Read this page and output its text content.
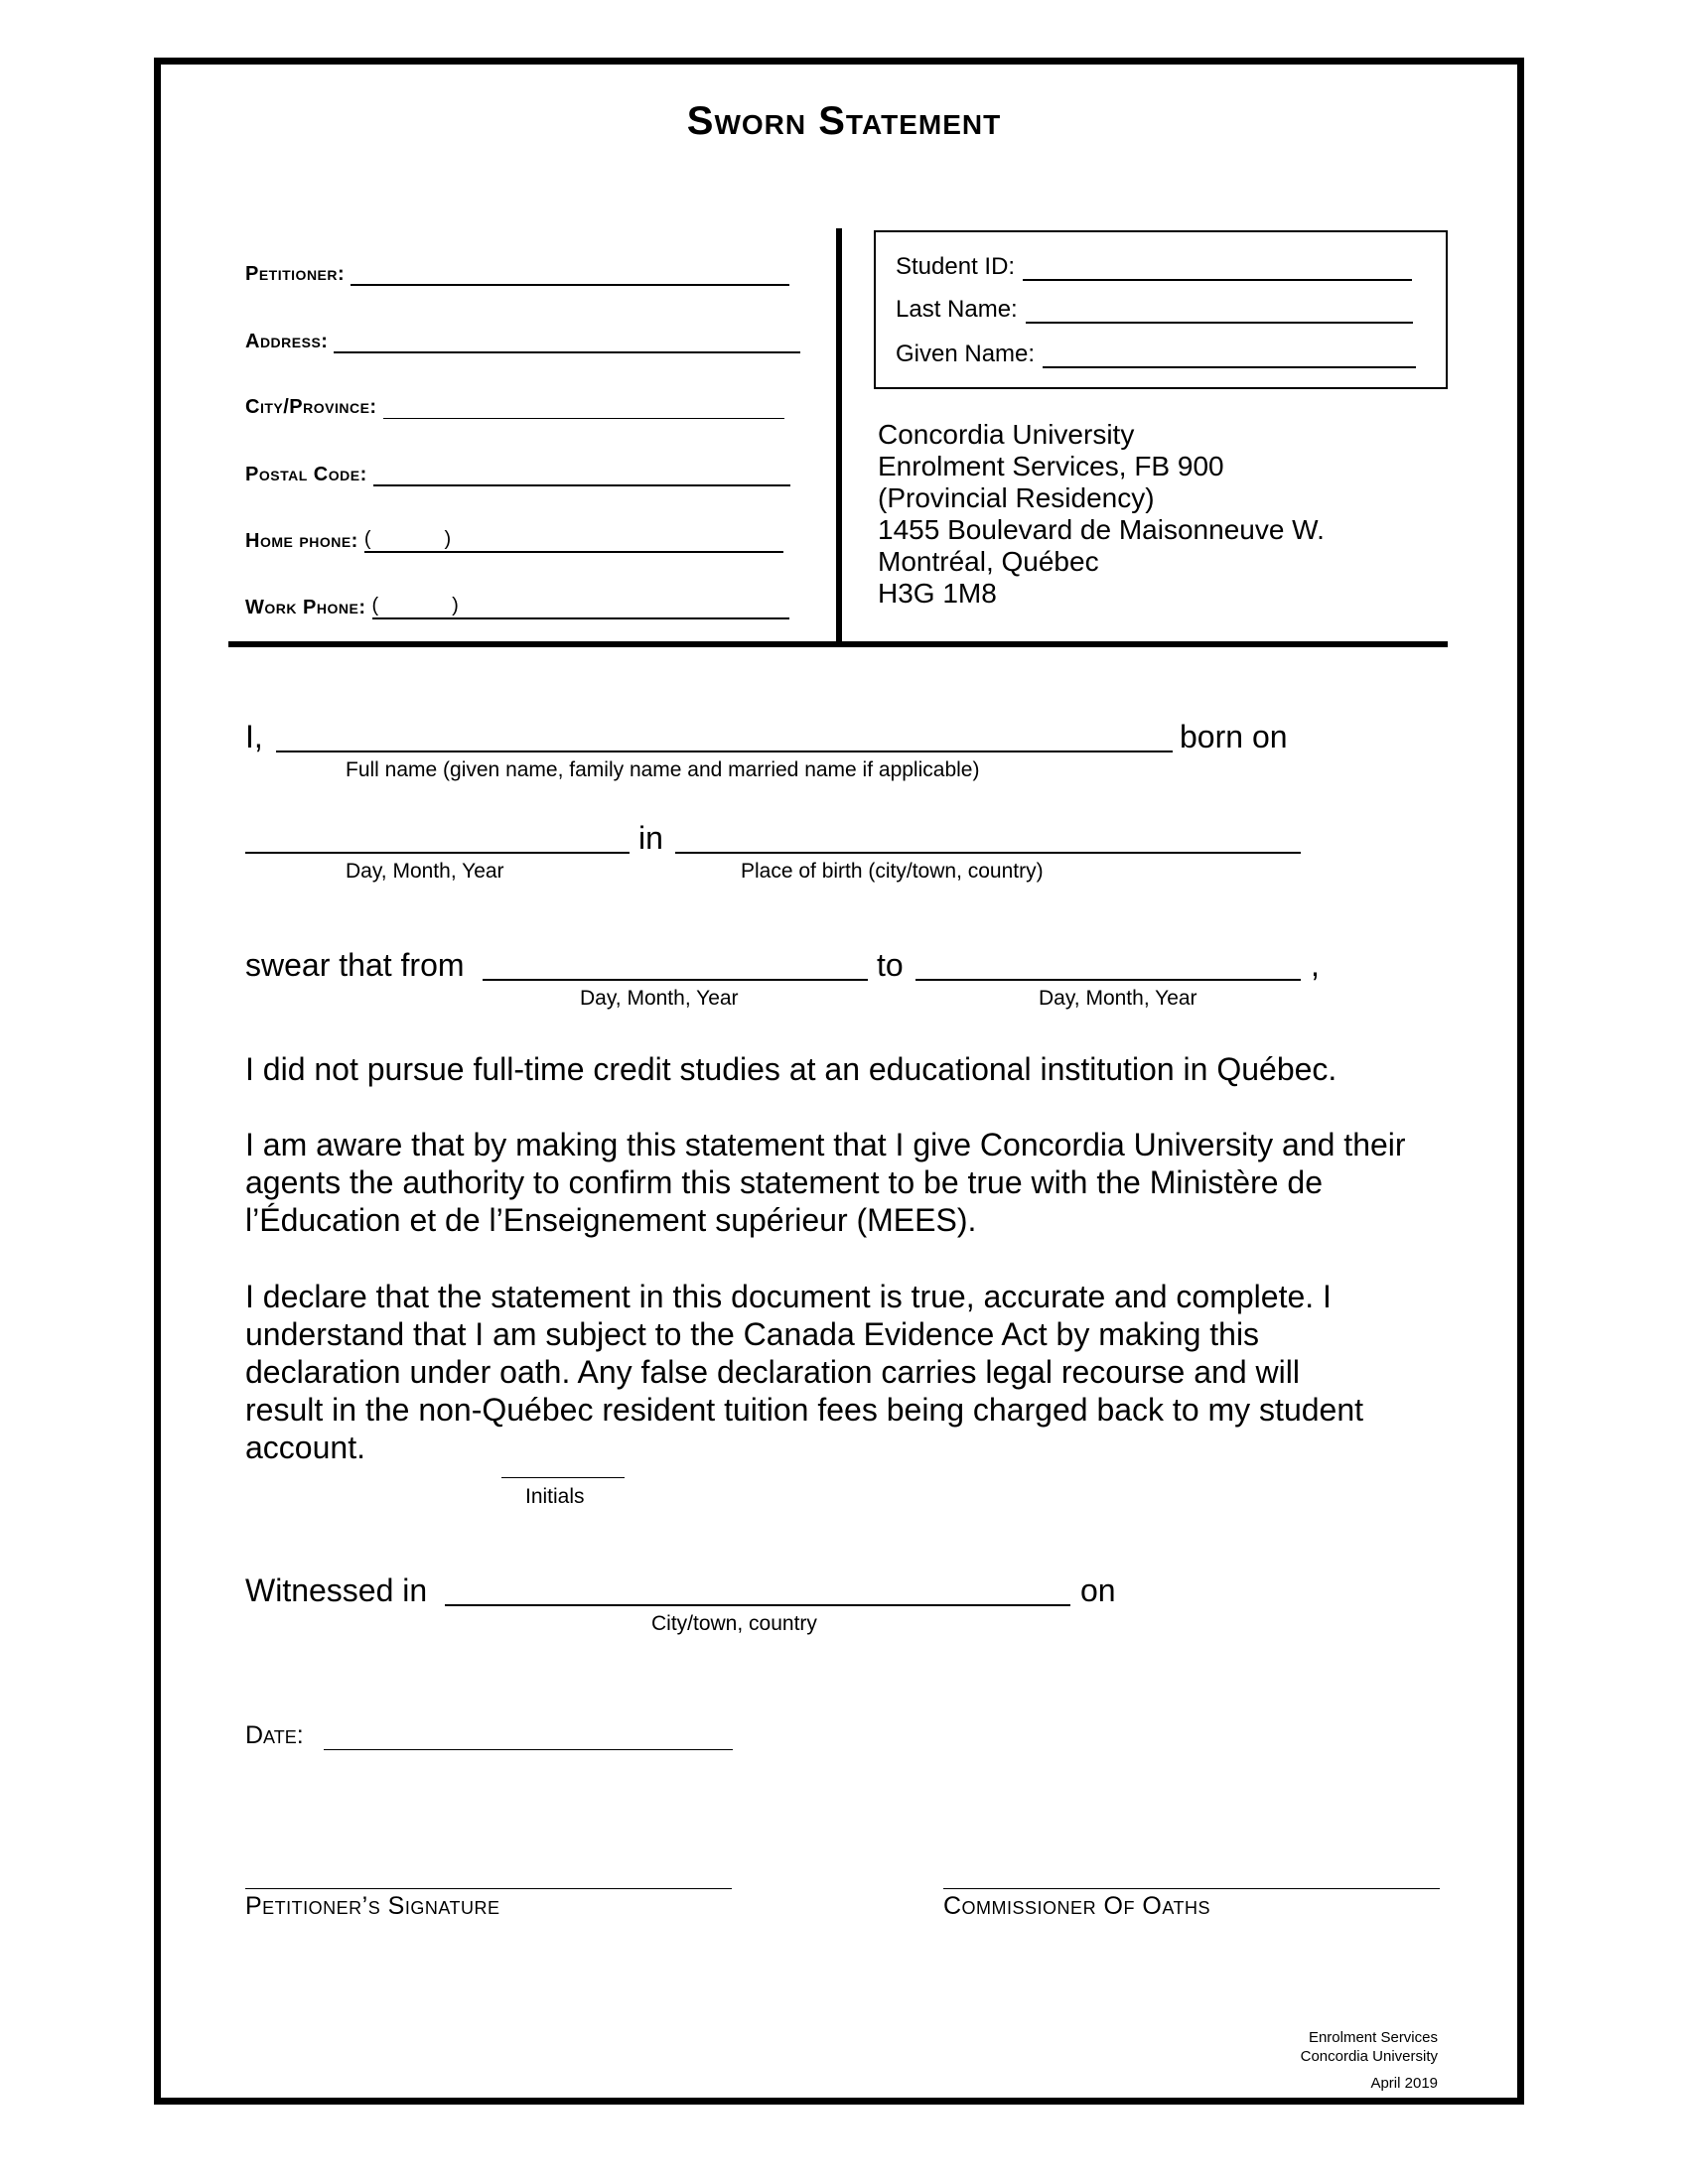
Sworn Statement
Petitioner:
Address:
City/Province:
Postal Code:
Home phone: (	)
Work Phone: (	)
Student ID:
Last Name:
Given Name:
Concordia University
Enrolment Services, FB 900
(Provincial Residency)
1455 Boulevard de Maisonneuve W.
Montréal, Québec
H3G 1M8
I,	born on
Full name (given name, family name and married name if applicable)
in
Day, Month, Year	Place of birth (city/town, country)
swear that from	to	,
Day, Month, Year	Day, Month, Year
I did not pursue full-time credit studies at an educational institution in Québec.
I am aware that by making this statement that I give Concordia University and their agents the authority to confirm this statement to be true with the Ministère de l’Éducation et de l’Enseignement supérieur (MEES).
I declare that the statement in this document is true, accurate and complete. I understand that I am subject to the Canada Evidence Act by making this declaration under oath. Any false declaration carries legal recourse and will result in the non-Québec resident tuition fees being charged back to my student account.
Initials
Witnessed in	on
City/town, country
Date:
Petitioner’s Signature	Commissioner Of Oaths
Enrolment Services
Concordia University
April 2019
